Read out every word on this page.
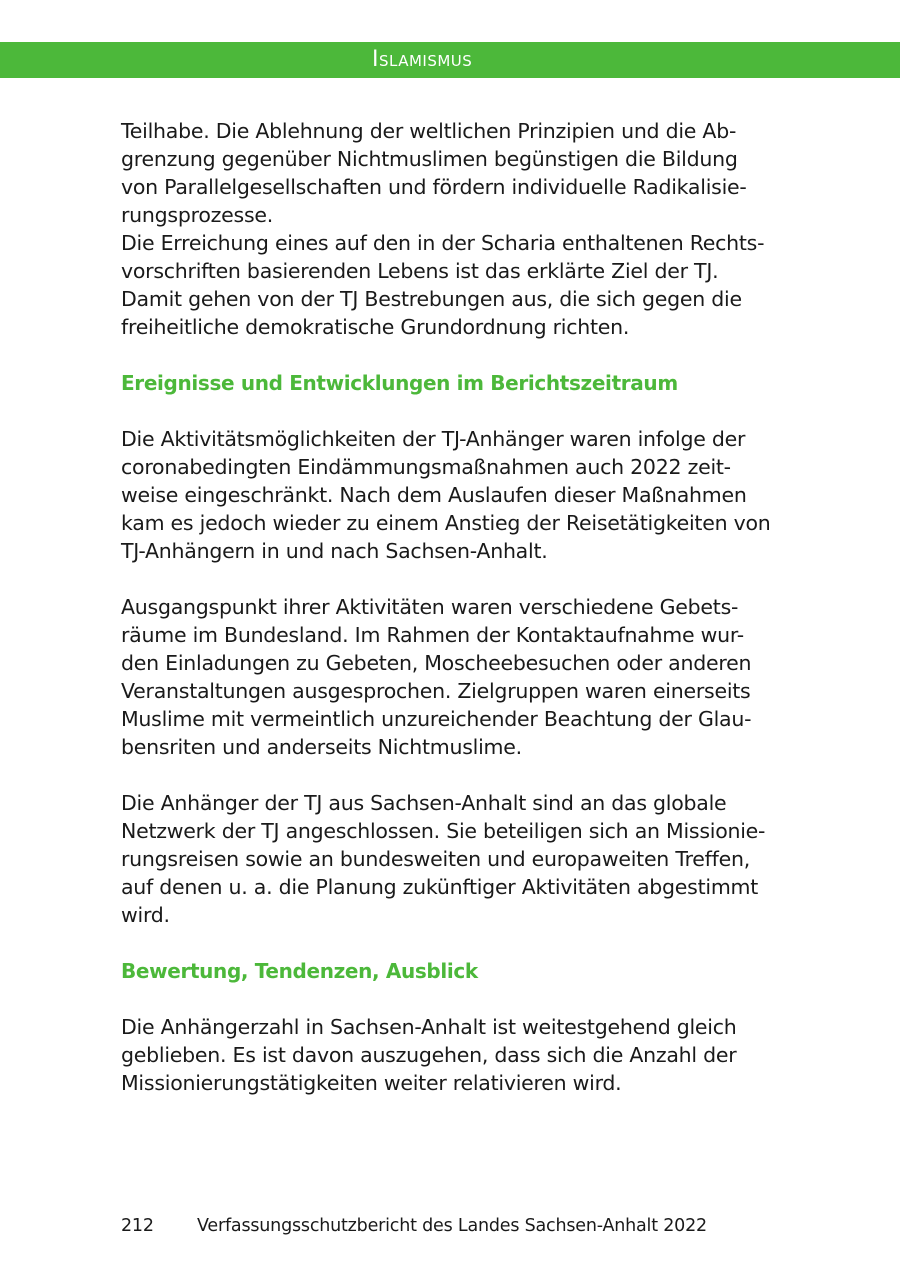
Islamismus

Teilhabe. Die Ablehnung der weltlichen Prinzipien und die Ab-
grenzung gegenüber Nichtmuslimen begünstigen die Bildung
von Parallelgesellschaften und fördern individuelle Radikalisie-
rungsprozesse.
Die Erreichung eines auf den in der Scharia enthaltenen Rechts-
vorschriften basierenden Lebens ist das erklärte Ziel der TJ.
Damit gehen von der TJ Bestrebungen aus, die sich gegen die
freiheitliche demokratische Grundordnung richten.

Ereignisse und Entwicklungen im Berichtszeitraum

Die Aktivitätsmöglichkeiten der TJ-Anhänger waren infolge der
coronabedingten Eindämmungsmaßnahmen auch 2022 zeit-
weise eingeschränkt. Nach dem Auslaufen dieser Maßnahmen
kam es jedoch wieder zu einem Anstieg der Reisetätigkeiten von
TJ-Anhängern in und nach Sachsen-Anhalt.

Ausgangspunkt ihrer Aktivitäten waren verschiedene Gebets-
räume im Bundesland. Im Rahmen der Kontaktaufnahme wur-
den Einladungen zu Gebeten, Moscheebesuchen oder anderen
Veranstaltungen ausgesprochen. Zielgruppen waren einerseits
Muslime mit vermeintlich unzureichender Beachtung der Glau-
bensriten und anderseits Nichtmuslime.

Die Anhänger der TJ aus Sachsen-Anhalt sind an das globale
Netzwerk der TJ angeschlossen. Sie beteiligen sich an Missionie-
rungsreisen sowie an bundesweiten und europaweiten Treffen,
auf denen u. a. die Planung zukünftiger Aktivitäten abgestimmt
wird.

Bewertung, Tendenzen, Ausblick

Die Anhängerzahl in Sachsen-Anhalt ist weitestgehend gleich
geblieben. Es ist davon auszugehen, dass sich die Anzahl der
Missionierungstätigkeiten weiter relativieren wird.

212 Verfassungsschutzbericht des Landes Sachsen-Anhalt 2022
